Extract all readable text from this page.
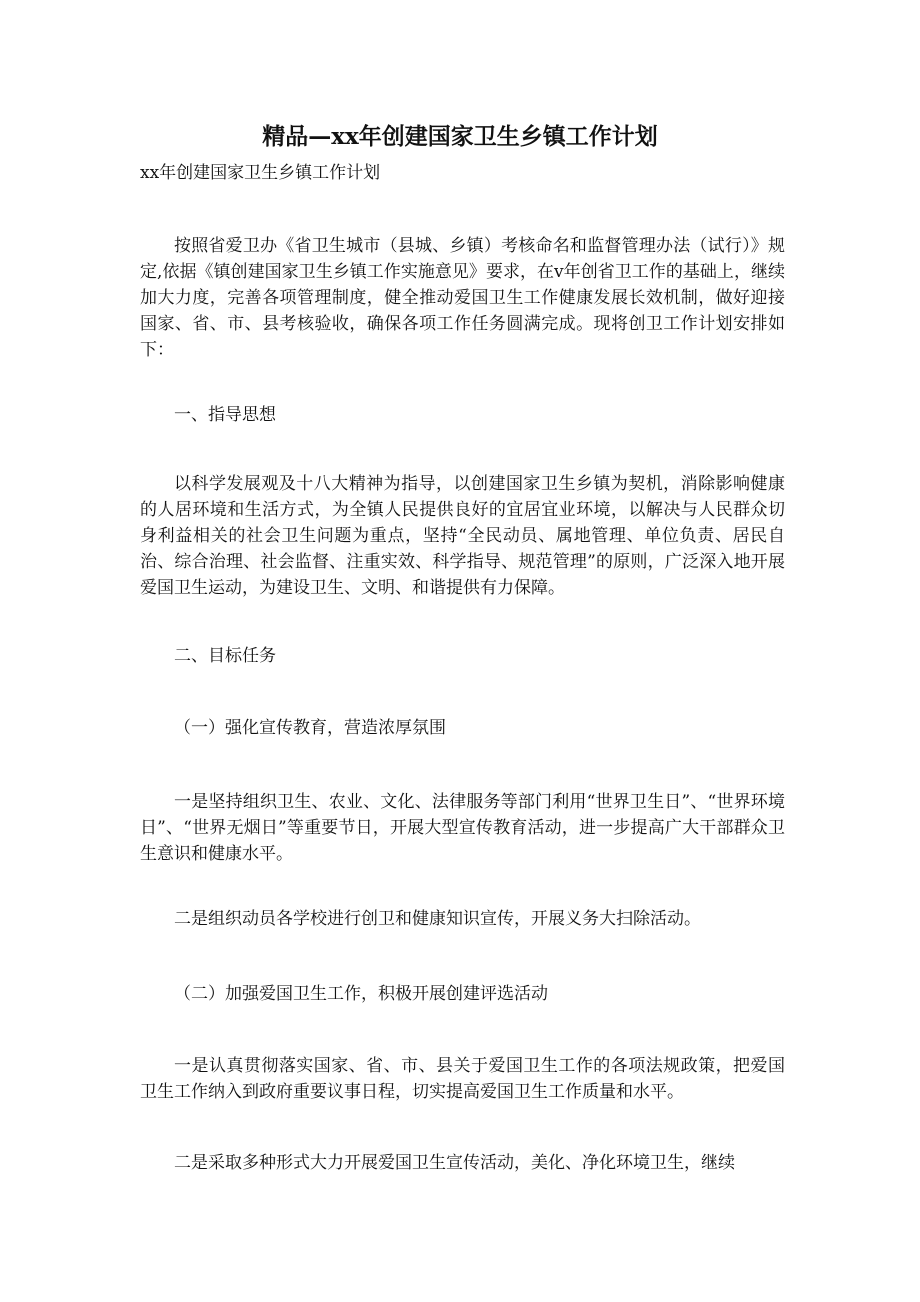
精品—xx年创建国家卫生乡镇工作计划
xx年创建国家卫生乡镇工作计划

按照省爱卫办《省卫生城市（县城、乡镇）考核命名和监督管理办法（试行）》规定,依据《镇创建国家卫生乡镇工作实施意见》要求，在v年创省卫工作的基础上，继续加大力度，完善各项管理制度，健全推动爱国卫生工作健康发展长效机制，做好迎接国家、省、市、县考核验收，确保各项工作任务圆满完成。现将创卫工作计划安排如下：

一、指导思想

以科学发展观及十八大精神为指导，以创建国家卫生乡镇为契机，消除影响健康的人居环境和生活方式，为全镇人民提供良好的宜居宜业环境，以解决与人民群众切身利益相关的社会卫生问题为重点，坚持“全民动员、属地管理、单位负责、居民自治、综合治理、社会监督、注重实效、科学指导、规范管理”的原则，广泛深入地开展爱国卫生运动，为建设卫生、文明、和谐提供有力保障。

二、目标任务
（一）强化宣传教育，营造浓厚氛围

一是坚持组织卫生、农业、文化、法律服务等部门利用“世界卫生日”、“世界环境日”、“世界无烟日”等重要节日，开展大型宣传教育活动，进一步提高广大干部群众卫生意识和健康水平。

二是组织动员各学校进行创卫和健康知识宣传，开展义务大扫除活动。

（二）加强爱国卫生工作，积极开展创建评选活动

一是认真贯彻落实国家、省、市、县关于爱国卫生工作的各项法规政策，把爱国卫生工作纳入到政府重要议事日程，切实提高爱国卫生工作质量和水平。

二是采取多种形式大力开展爱国卫生宣传活动，美化、净化环境卫生，继续
